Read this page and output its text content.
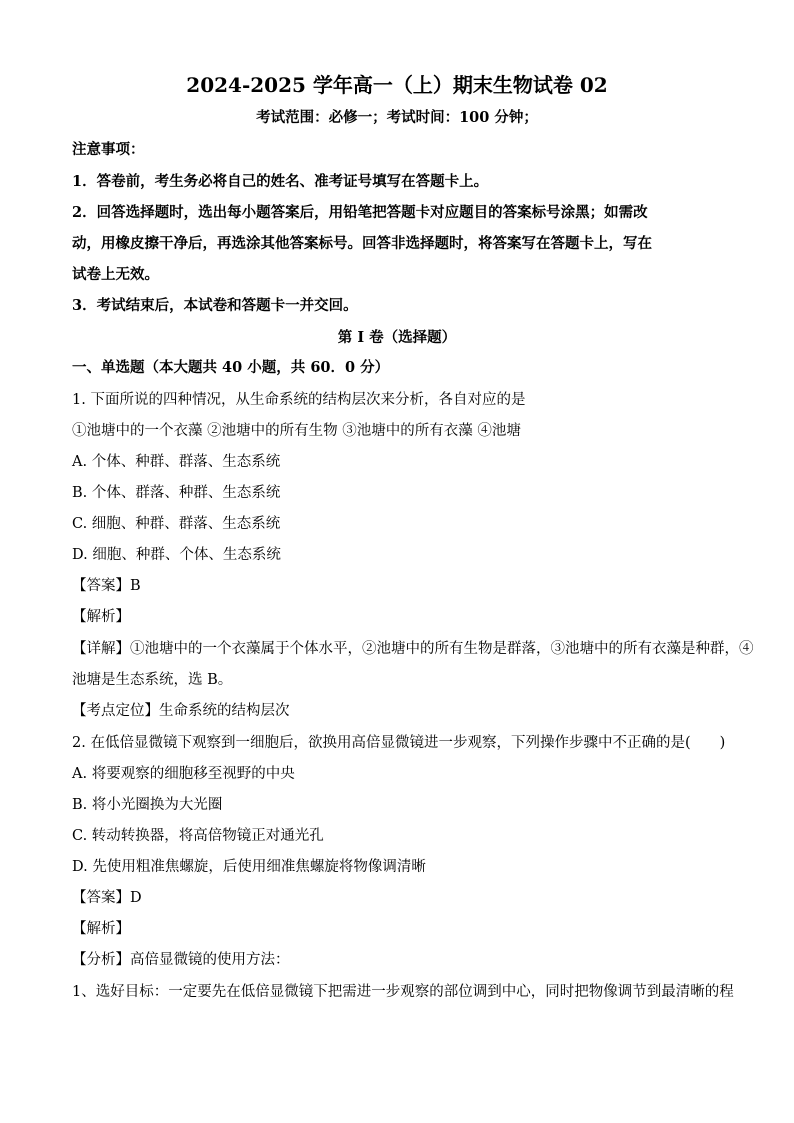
2024-2025 学年高一（上）期末生物试卷 02
考试范围：必修一；考试时间：100 分钟；
注意事项：
1．答卷前，考生务必将自己的姓名、准考证号填写在答题卡上。
2．回答选择题时，选出每小题答案后，用铅笔把答题卡对应题目的答案标号涂黑；如需改
动，用橡皮擦干净后，再选涂其他答案标号。回答非选择题时，将答案写在答题卡上，写在
试卷上无效。
3．考试结束后，本试卷和答题卡一并交回。
第 I 卷（选择题）
一、单选题（本大题共 40 小题，共 60．0 分）
1. 下面所说的四种情况，从生命系统的结构层次来分析，各自对应的是
①池塘中的一个衣藻 ②池塘中的所有生物 ③池塘中的所有衣藻 ④池塘
A. 个体、种群、群落、生态系统
B. 个体、群落、种群、生态系统
C. 细胞、种群、群落、生态系统
D. 细胞、种群、个体、生态系统
【答案】B
【解析】
【详解】①池塘中的一个衣藻属于个体水平，②池塘中的所有生物是群落，③池塘中的所有衣藻是种群，④
池塘是生态系统，选 B。
【考点定位】生命系统的结构层次
2. 在低倍显微镜下观察到一细胞后，欲换用高倍显微镜进一步观察，下列操作步骤中不正确的是(　　)
A. 将要观察的细胞移至视野的中央
B. 将小光圈换为大光圈
C. 转动转换器，将高倍物镜正对通光孔
D. 先使用粗准焦螺旋，后使用细准焦螺旋将物像调清晰
【答案】D
【解析】
【分析】高倍显微镜的使用方法：
1、选好目标：一定要先在低倍显微镜下把需进一步观察的部位调到中心，同时把物像调节到最清晰的程
